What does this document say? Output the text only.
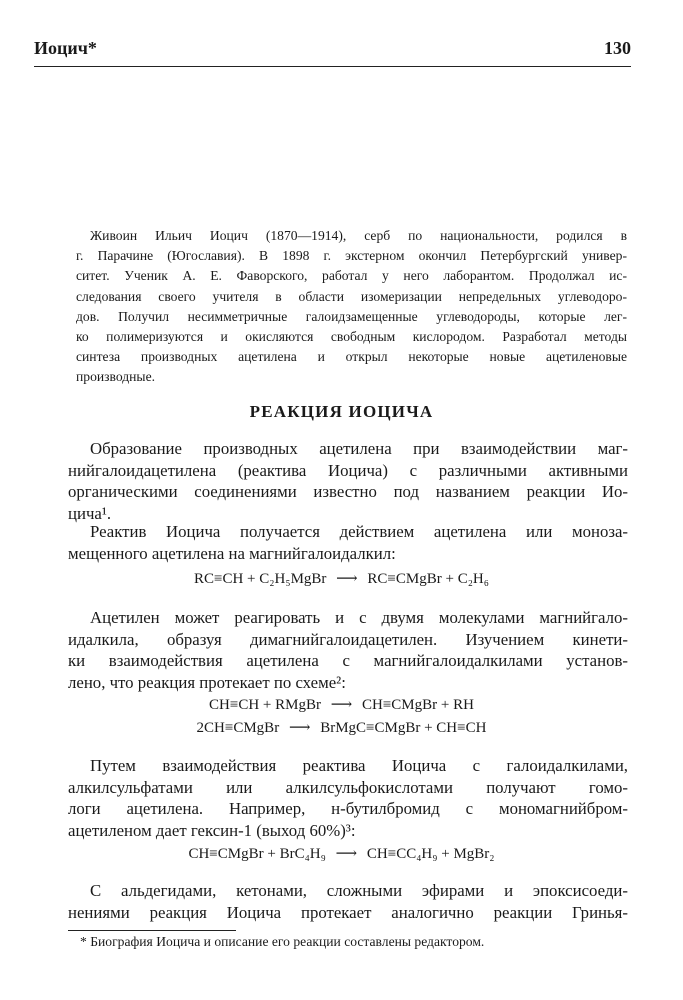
Иоцич*	130
Живоин Ильич Иоцич (1870—1914), серб по национальности, родился в
г. Парачине (Югославия). В 1898 г. экстерном окончил Петербургский универ-
ситет. Ученик А. Е. Фаворского, работал у него лаборантом. Продолжал ис-
следования своего учителя в области изомеризации непредельных углеводоро-
дов. Получил несимметричные галоидзамещенные углеводороды, которые лег-
ко полимеризуются и окисляются свободным кислородом. Разработал методы
синтеза производных ацетилена и открыл некоторые новые ацетиленовые
производные.
РЕАКЦИЯ ИОЦИЧА
Образование производных ацетилена при взаимодействии маг-
нийгалоидацетилена (реактива Иоцича) с различными активными
органическими соединениями известно под названием реакции Ио-
цича¹.
Реактив Иоцича получается действием ацетилена или монозa-
мещенного ацетилена на магнийгалоидалкил:
RC≡CH + C₂H₅MgBr ⟶ RC≡CMgBr + C₂H₆
Ацетилен может реагировать и с двумя молекулами магнийгало-
идалкила, образуя димагнийгалоидацетилен. Изучением кинети-
ки взаимодействия ацетилена с магнийгалоидалкилами установ-
лено, что реакция протекает по схеме²:
CH≡CH + RMgBr ⟶ CH≡CMgBr + RH
2CH≡CMgBr ⟶ BrMgC≡CMgBr + CH≡CH
Путем взаимодействия реактива Иоцича с галоидалкилами,
алкилсульфатами или алкилсульфокислотами получают гомо-
логи ацетилена. Например, н-бутилбромид с мономагнийбром-
ацетиленом дает гексин-1 (выход 60%)³:
CH≡CMgBr + BrC₄H₉ ⟶ CH≡CC₄H₉ + MgBr₂
С альдегидами, кетонами, сложными эфирами и эпоксисоеди-
нениями реакция Иоцича протекает аналогично реакции Гринья-
* Биография Иоцича и описание его реакции составлены редактором.
